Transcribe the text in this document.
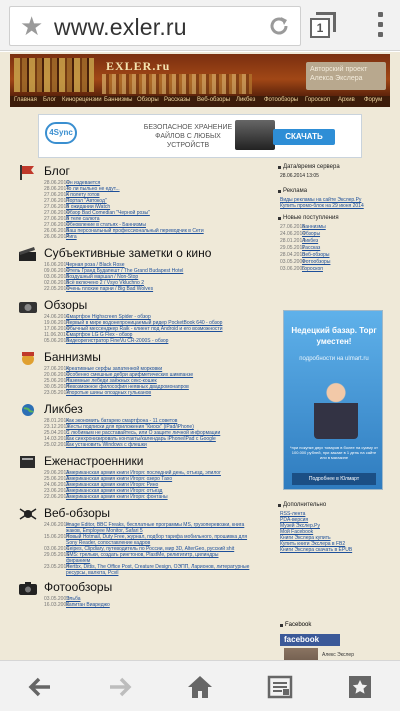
★ www.exler.ru	1
EXLER.ru	Авторский проект Алекса Экслера
Главная Блог Кинорецензии Баннизмы Обзоры Рассказы Веб-обзоры Ликбез Фотообзоры Гороскоп Архив Форум
4Sync
БЕЗОПАСНОЕ ХРАНЕНИЕ ФАЙЛОВ С ЛЮБЫХ УСТРОЙСТВ
СКАЧАТЬ
Блог
28.06.2014Он издевается
28.06.2014То ли пыльно не едут...
27.06.2014К полету готов
27.06.2014Портал "Автокод"
27.06.2014В ожидании iWatch
27.06.2014Обзор Bad Comedian "Черной розы"
27.06.2014В теле салюта
27.06.2014Обновление в статьях - Баннизмы
26.06.2014Ваш персональный профессиональный переводчик в Сети
26.06.2014Рига
Субъективные заметки о кино
16.06.2014Черная роза / Black Rose
09.06.2014Отель Гранд Будапешт / The Grand Budapest Hotel
03.06.2014Воздушный маршал / Non-Stop
02.06.2014Всё включено 2 / Vsyo Vkluchno 2
22.05.2014Очень плохие парни / Big Bad Wolves
Обзоры
24.06.2014Смартфон Highscreen Spider - обзор
19.06.2014Первый в мире водонепроницаемый ридер PocketBook 640 - обзор
17.06.2014Обычный мессенджер Raik - клиент под Android и его возможности
11.06.2014Смартфон LG G Flex - обзор
05.06.2014Видеорегистратор FineVu CR-2000S - обзор
Баннизмы
27.06.2014Креативные серфы запатенной морковки
20.06.2014Особенно смешные дебри арифметических шимпанзе
25.06.2014Наземные лебеди заёжных секс-кошек
30.05.2014Невозможное философия неявных двадромонапров
23.05.2014Упоротые шины опоздных гульканов
Ликбез
28.01.2014Как экономить батарею смартфона - 11 советов
23.12.2013Жесты подписки для приложения "Киоск" (iPad/iPhone)
25.04.2013С любимым не расставайтесь, или О защите личной информации
14.03.2013Как синхронизировать контакты/календарь iPhone/iPad с Google
25.02.2013Как установить Windows с флешки
Еженастроенники
29.06.2013Американская армия книги Игоря: последний день, отъезд, эпилог
25.06.2013Американская армия книги Игоря: озеро Тахо
24.06.2013Американская армия книги Игоря: Рино
23.06.2013Американская армия книги Игоря: отъезд
22.06.2013Американская армия книги Игоря: фонтаны
Веб-обзоры
24.06.2014Image Editor, BBC Freaks, бесплатные программы MS, грузоперевозки, книга
жаков, Employee Monitor, Safari 5
15.06.2014Новый Hotmail, Duty Free, журнал, подбор тарифа мобильного, прошивка для
Sony Reader, сопоставление кадров
03.06.2014Ceipes, Clipdiary, путеводитель по России, мир 3D, AlterGeo, русский shit
29.05.2014SMS: трельки, создать рингтонов, PlastMe, религигитр, цилиндры
фиранием
23.05.2014Hertbx, Dittis, The Office Post, Creature Design, ОЭПП, Ларионов, литературные
ресурсы, валюта, Pcvil
Фотообзоры
03.05.2009Эльба
16.03.2009Капитан Виареджо
Дата/время сервера
28.06.2014 13:05
Реклама
Виды рекламы на сайте Экслер.Ру
Купить промо-блок на 29 июня 2014
Новые поступления
27.06.2014Баннизмы
24.06.2014Обзоры
28.01.2014Ликбез
29.05.2011Рассказ
28.04.2010Веб-обзоры
03.05.2009Фотообзоры
03.06.2005Гороскоп
Дополнительно
RSS-лента
PDA-версия
Музей Экслер.Ру
Мой Facebook
Книги Экслера купить
Купить книги Экслера в FB2
Книги Экслера скачать в EPUB
Недецкий базар. Торг уместен!
подробности на ulmart.ru
*при покупке двух товаров в более на сумму от 100.000 рублей, при заказе в 1 день на сайте или в магазине
Подробнее в Юлмарт
Facebook
facebook
Алекс Экслер
